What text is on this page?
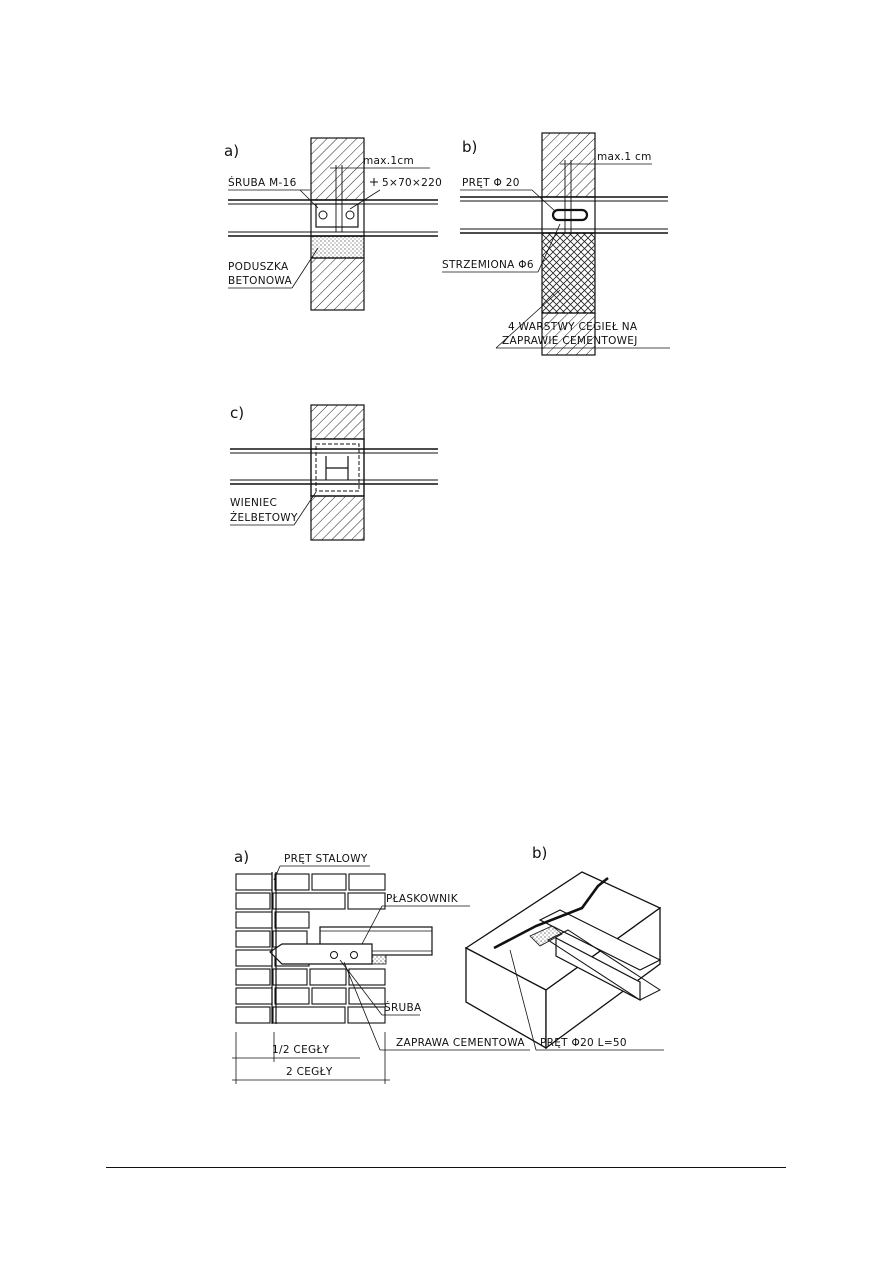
a)
max.1cm
5×70×220
ŚRUBA M-16
PODUSZKA
BETONOWA
b)
max.1 cm
PRĘT Φ 20
STRZEMIONA Φ6
4 WARSTWY CEGIEŁ NA
ZAPRAWIE CEMENTOWEJ
c)
WIENIEC
ŻELBETOWY
a)	PRĘT STALOWY
PŁASKOWNIK
ŚRUBA
ZAPRAWA CEMENTOWA
1/2 CEGŁY
2 CEGŁY
b)
PRĘT Φ20 L=50
